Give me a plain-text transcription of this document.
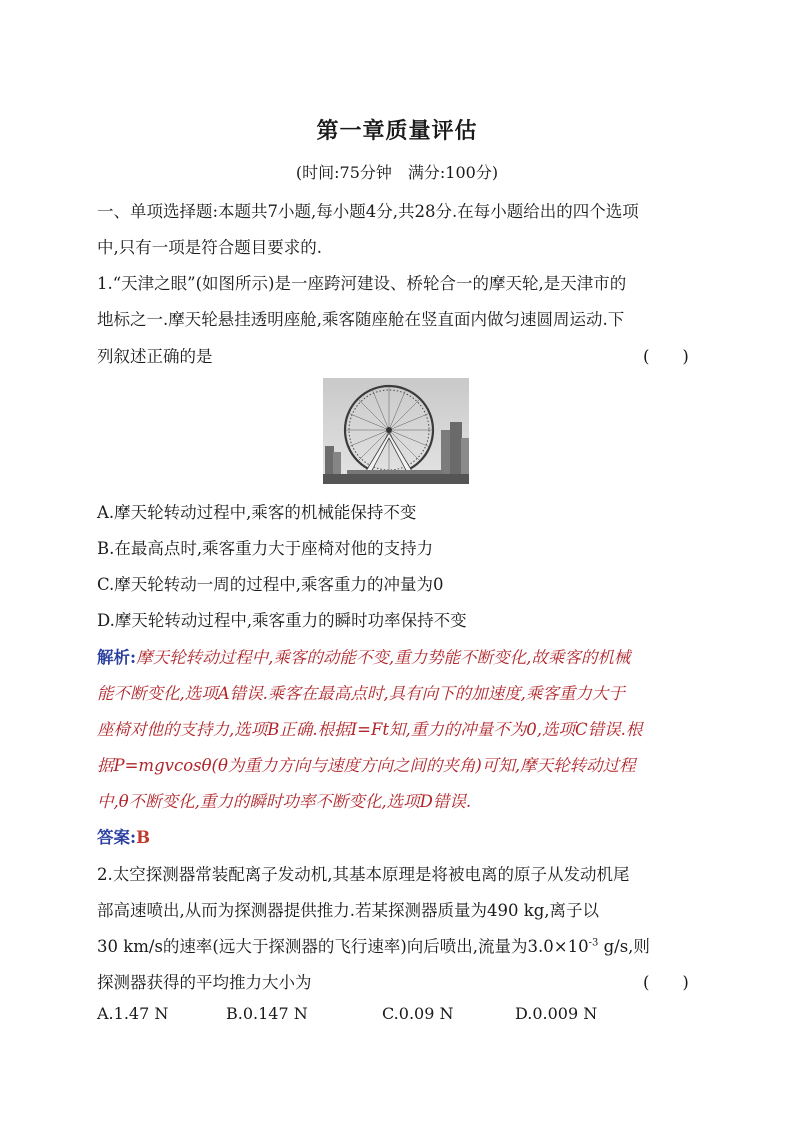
第一章质量评估
(时间:75分钟　满分:100分)
一、单项选择题:本题共7小题,每小题4分,共28分.在每小题给出的四个选项
中,只有一项是符合题目要求的.
1.“天津之眼”(如图所示)是一座跨河建设、桥轮合一的摩天轮,是天津市的
地标之一.摩天轮悬挂透明座舱,乘客随座舱在竖直面内做匀速圆周运动.下
列叙述正确的是	(　　)
A.摩天轮转动过程中,乘客的机械能保持不变
B.在最高点时,乘客重力大于座椅对他的支持力
C.摩天轮转动一周的过程中,乘客重力的冲量为0
D.摩天轮转动过程中,乘客重力的瞬时功率保持不变
解析:摩天轮转动过程中,乘客的动能不变,重力势能不断变化,故乘客的机械
能不断变化,选项A错误.乘客在最高点时,具有向下的加速度,乘客重力大于
座椅对他的支持力,选项B正确.根据I=Ft知,重力的冲量不为0,选项C错误.根
据P=mgvcosθ(θ为重力方向与速度方向之间的夹角)可知,摩天轮转动过程
中,θ不断变化,重力的瞬时功率不断变化,选项D错误.
答案:B
2.太空探测器常装配离子发动机,其基本原理是将被电离的原子从发动机尾
部高速喷出,从而为探测器提供推力.若某探测器质量为490 kg,离子以
30 km/s的速率(远大于探测器的飞行速率)向后喷出,流量为$3.0\times 10^{-3}$ g/s,则
探测器获得的平均推力大小为	(　　)
A.1.47 N	B.0.147 N	C.0.09 N	D.0.009 N
